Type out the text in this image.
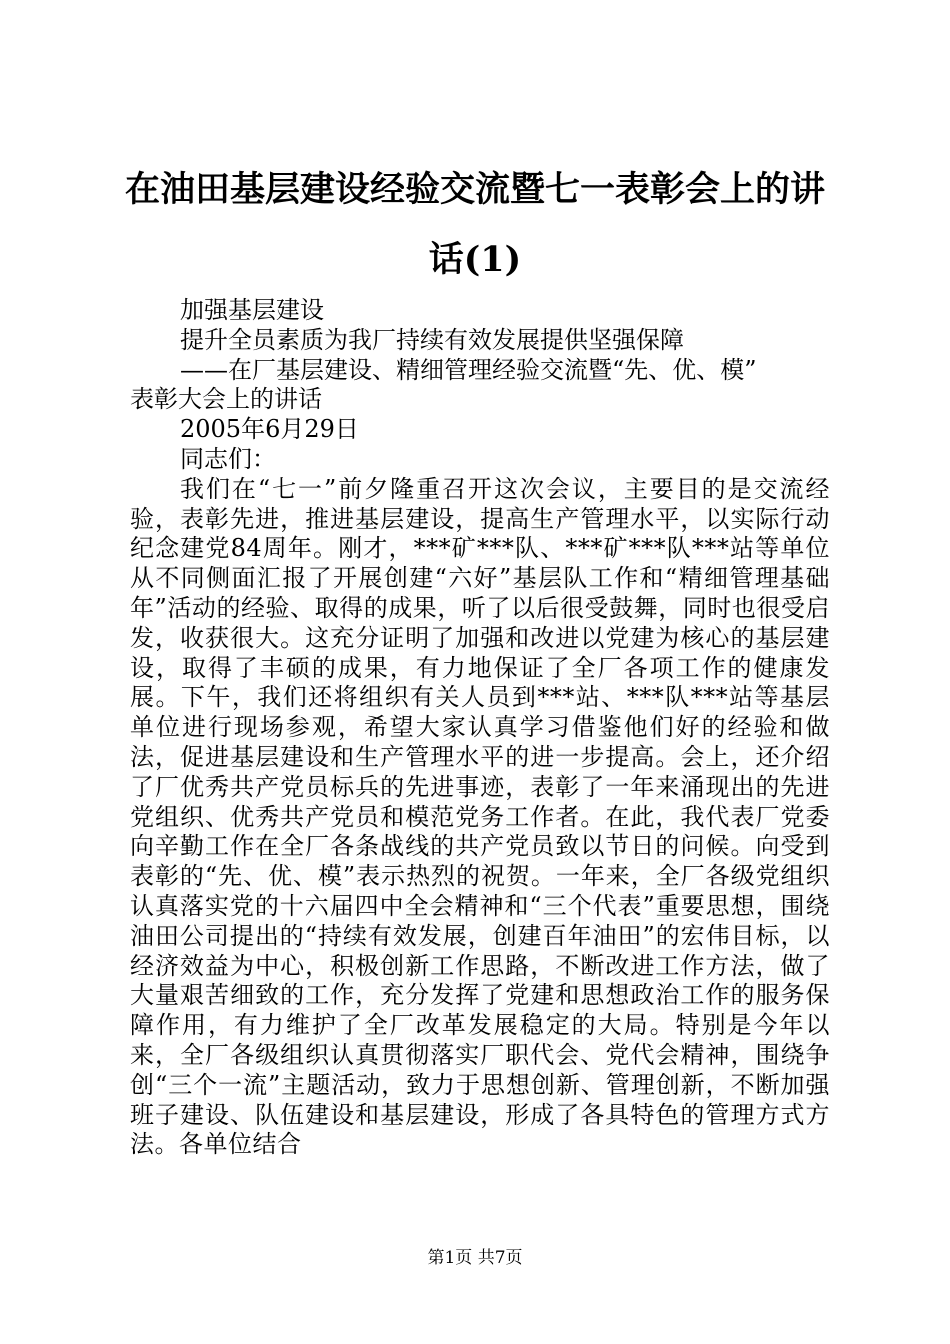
在油田基层建设经验交流暨七一表彰会上的讲话(1)

加强基层建设

提升全员素质为我厂持续有效发展提供坚强保障

——在厂基层建设、精细管理经验交流暨“先、优、模”

表彰大会上的讲话

2005年6月29日

同志们：

我们在“七一”前夕隆重召开这次会议，主要目的是交流经验，表彰先进，推进基层建设，提高生产管理水平，以实际行动纪念建党84周年。刚才，***矿***队、***矿***队***站等单位从不同侧面汇报了开展创建“六好”基层队工作和“精细管理基础年”活动的经验、取得的成果，听了以后很受鼓舞，同时也很受启发，收获很大。这充分证明了加强和改进以党建为核心的基层建设，取得了丰硕的成果，有力地保证了全厂各项工作的健康发展。下午，我们还将组织有关人员到***站、***队***站等基层单位进行现场参观，希望大家认真学习借鉴他们好的经验和做法，促进基层建设和生产管理水平的进一步提高。会上，还介绍了厂优秀共产党员标兵的先进事迹，表彰了一年来涌现出的先进党组织、优秀共产党员和模范党务工作者。在此，我代表厂党委向辛勤工作在全厂各条战线的共产党员致以节日的问候。向受到表彰的“先、优、模”表示热烈的祝贺。一年来，全厂各级党组织认真落实党的十六届四中全会精神和“三个代表”重要思想，围绕油田公司提出的“持续有效发展，创建百年油田”的宏伟目标，以经济效益为中心，积极创新工作思路，不断改进工作方法，做了大量艰苦细致的工作，充分发挥了党建和思想政治工作的服务保障作用，有力维护了全厂改革发展稳定的大局。特别是今年以来，全厂各级组织认真贯彻落实厂职代会、党代会精神，围绕争创“三个一流”主题活动，致力于思想创新、管理创新，不断加强班子建设、队伍建设和基层建设，形成了各具特色的管理方式方法。各单位结合

第1页 共7页
